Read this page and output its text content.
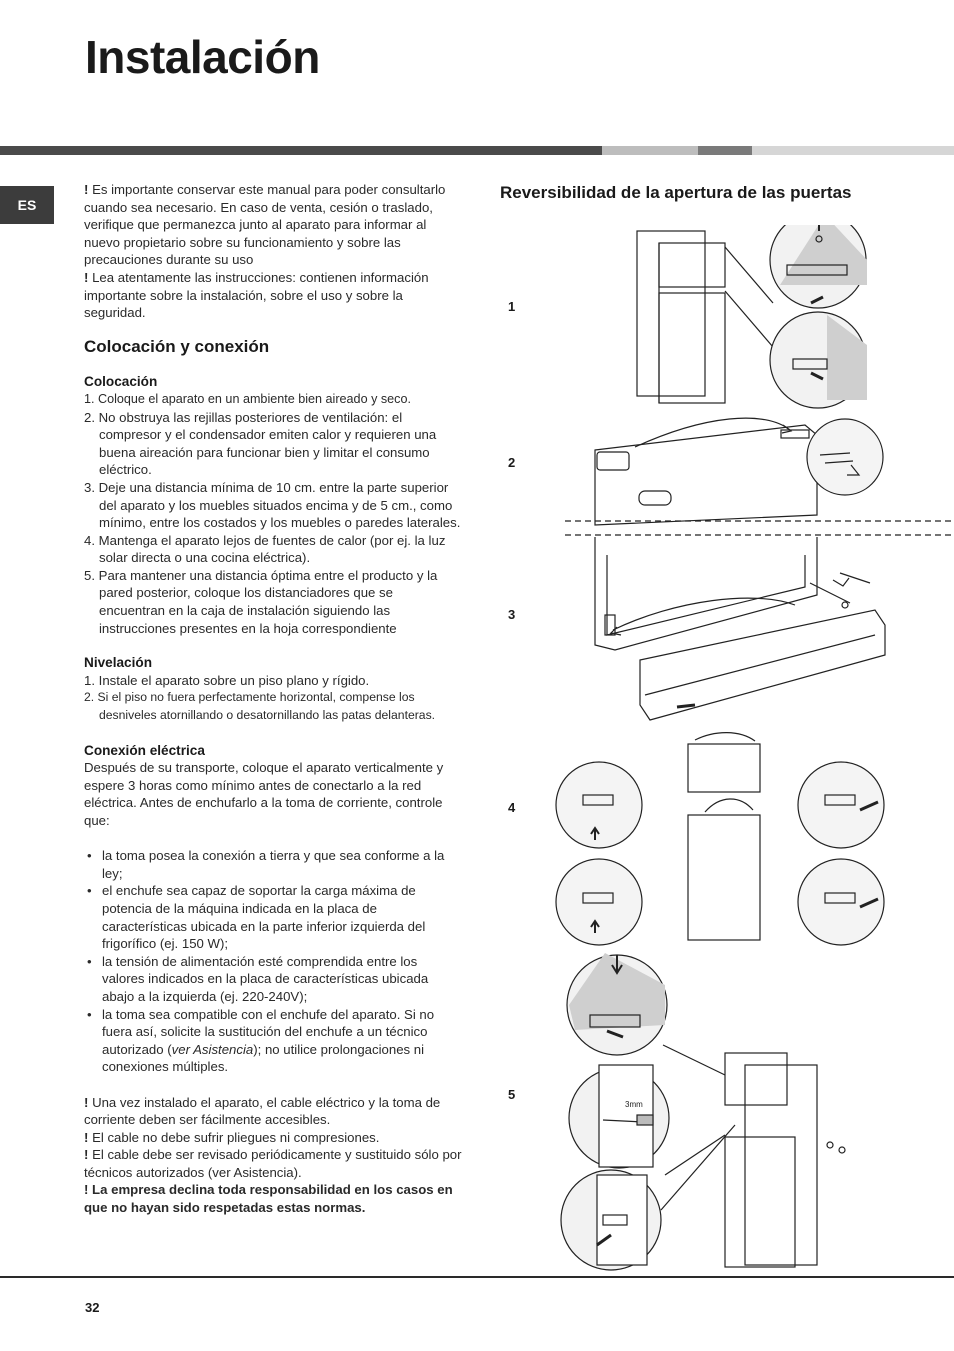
Instalación
ES

! Es importante conservar este manual para poder consultarlo cuando sea necesario. En caso de venta, cesión o traslado, verifique que permanezca junto al aparato para informar al nuevo propietario sobre su funcionamiento y sobre las precauciones durante su uso

! Lea atentamente las instrucciones: contienen información importante sobre la instalación, sobre el uso y sobre la seguridad.

Colocación y conexión
Colocación
1. Coloque el aparato en un ambiente bien aireado y seco.
2. No obstruya las rejillas posteriores de ventilación: el compresor y el condensador emiten calor y requieren una buena aireación para funcionar bien y limitar el consumo eléctrico.
3. Deje una distancia mínima de 10 cm. entre la parte superior del aparato y los muebles situados encima y de 5 cm., como mínimo, entre los costados y los muebles o paredes laterales.
4. Mantenga el aparato lejos de fuentes de calor (por ej. la luz solar directa o una cocina eléctrica).
5. Para mantener una distancia óptima entre el producto y la pared posterior, coloque los distanciadores que se encuentran en la caja de instalación siguiendo las instrucciones presentes en la hoja correspondiente
Nivelación
1. Instale el aparato sobre un piso plano y rígido.
2. Si el piso no fuera perfectamente horizontal, compense los desniveles atornillando o desatornillando las patas delanteras.
Conexión eléctrica

Después de su transporte, coloque el aparato verticalmente y espere 3 horas como mínimo antes de conectarlo a la red eléctrica. Antes de enchufarlo a la toma de corriente, controle que:

• la toma posea la conexión a tierra y que sea conforme a la ley;
• el enchufe sea capaz de soportar la carga máxima de potencia de la máquina indicada en la placa de características ubicada en la parte inferior izquierda del frigorífico (ej. 150 W);
• la tensión de alimentación esté comprendida entre los valores indicados en la placa de características ubicada abajo a la izquierda (ej. 220-240V);
• la toma sea compatible con el enchufe del aparato. Si no fuera así, solicite la sustitución del enchufe a un técnico autorizado (ver Asistencia); no utilice prolongaciones ni conexiones múltiples.

! Una vez instalado el aparato, el cable eléctrico y la toma de corriente deben ser fácilmente accesibles.

! El cable no debe sufrir pliegues ni compresiones.

! El cable debe ser revisado periódicamente y sustituido sólo por técnicos autorizados (ver Asistencia).

! La empresa declina toda responsabilidad en los casos en que no hayan sido respetadas estas normas.

Reversibilidad de la apertura de las puertas
1
2
3
4
5
3mm
32
